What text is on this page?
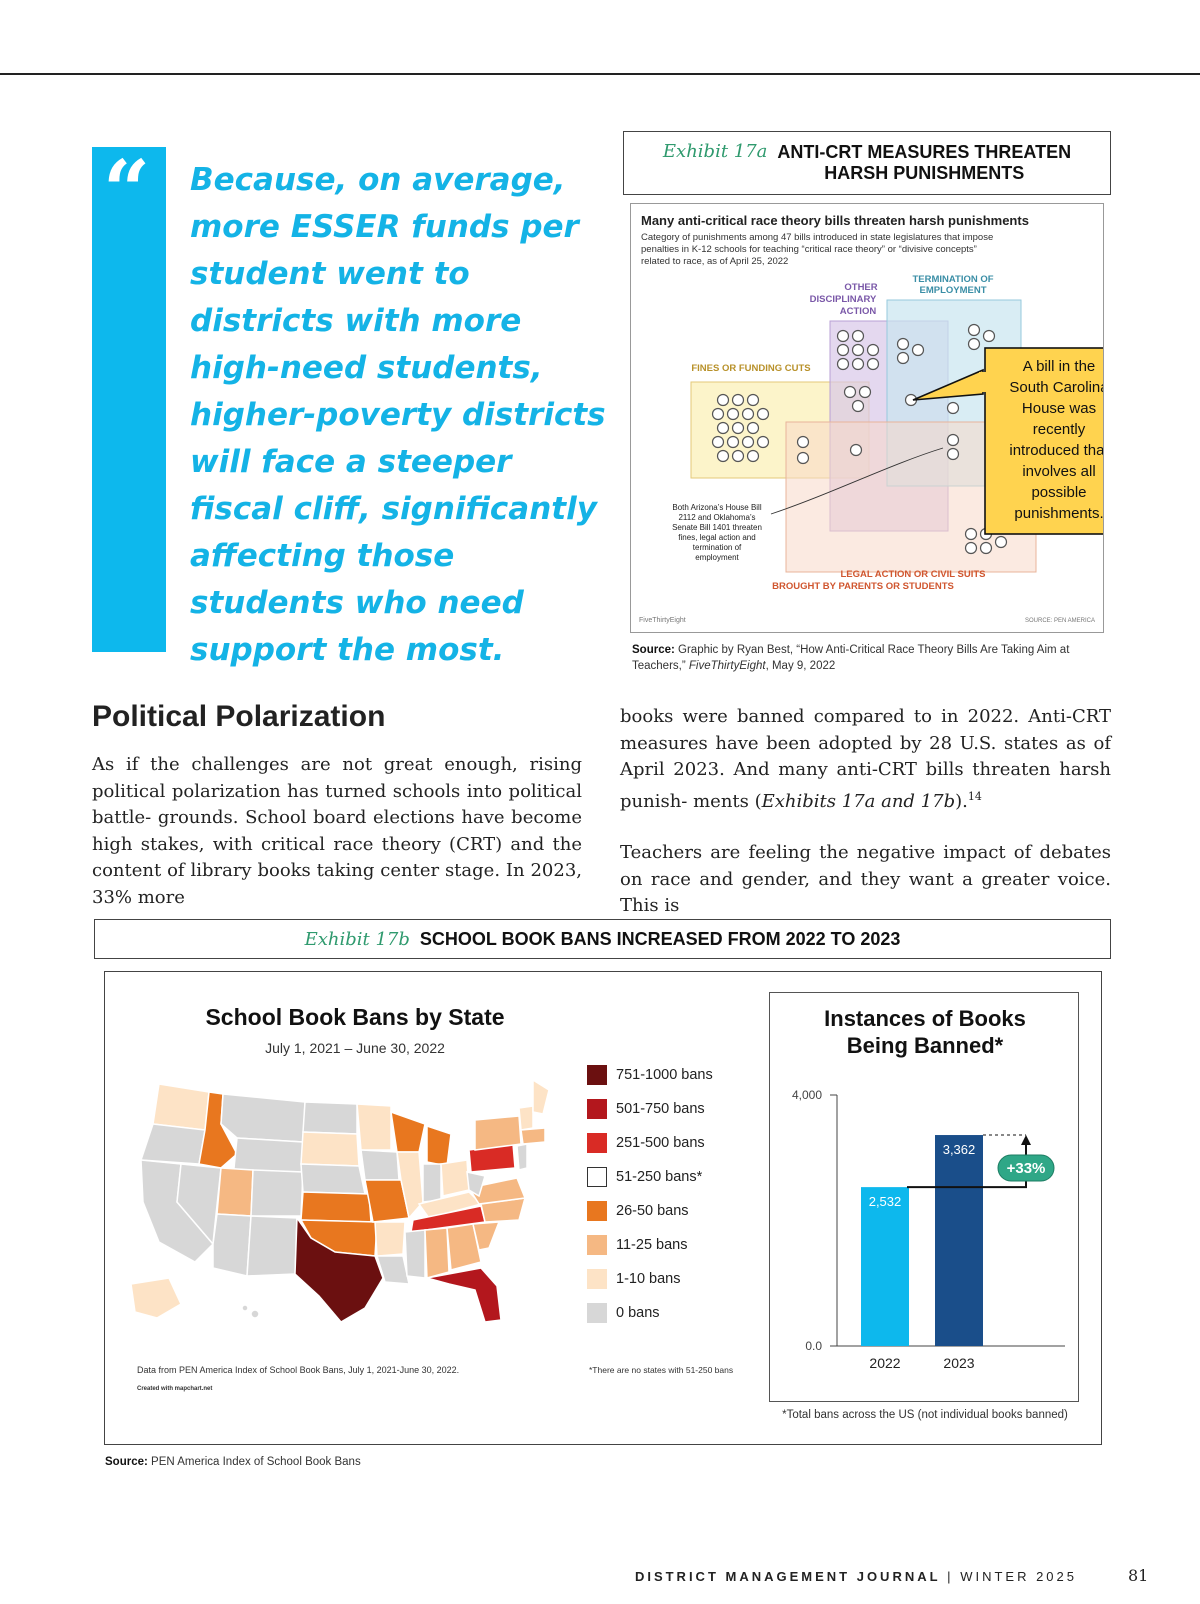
“ Because, on average, more ESSER funds per student went to districts with more high-need students, higher-poverty districts will face a steeper fiscal cliff, significantly affecting those students who need support the most.
Exhibit 17a ANTI-CRT MEASURES THREATEN
HARSH PUNISHMENTS
Many anti-critical race theory bills threaten harsh punishments
Category of punishments among 47 bills introduced in state legislatures that impose
penalties in K-12 schools for teaching “critical race theory” or “divisive concepts”
related to race, as of April 25, 2022
TERMINATION OF
EMPLOYMENT
OTHER
DISCIPLINARY
ACTION
FINES OR FUNDING CUTS
LEGAL ACTION OR CIVIL SUITS
BROUGHT BY PARENTS OR STUDENTS
Both Arizona’s House Bill
2112 and Oklahoma’s
Senate Bill 1401 threaten
fines, legal action and
termination of
employment
FiveThirtyEight	SOURCE: PEN AMERICA
A bill in the
South Carolina
House was
recently
introduced that
involves all
possible
punishments.
Source: Graphic by Ryan Best, “How Anti-Critical Race Theory Bills Are Taking Aim at Teachers,” FiveThirtyEight, May 9, 2022
Political Polarization
As if the challenges are not great enough, rising political polarization has turned schools into political battle- grounds. School board elections have become high stakes, with critical race theory (CRT) and the content of library books taking center stage. In 2023, 33% more

books were banned compared to in 2022. Anti-CRT measures have been adopted by 28 U.S. states as of April 2023. And many anti-CRT bills threaten harsh punish- ments (Exhibits 17a and 17b).$^{14}$

Teachers are feeling the negative impact of debates on race and gender, and they want a greater voice. This is

Exhibit 17b SCHOOL BOOK BANS INCREASED FROM 2022 TO 2023
School Book Bans by State
July 1, 2021 – June 30, 2022
751-1000 bans
501-750 bans
251-500 bans
51-250 bans*
26-50 bans
11-25 bans
1-10 bans
0 bans
Data from PEN America Index of School Book Bans, July 1, 2021-June 30, 2022.
Created with mapchart.net
*There are no states with 51-250 bans
Instances of Books Being Banned*
4,000
0.0
2,532
3,362
2022	2023
+33%
*Total bans across the US (not individual books banned)
Source: PEN America Index of School Book Bans
DISTRICT MANAGEMENT JOURNAL | WINTER 2025	81
